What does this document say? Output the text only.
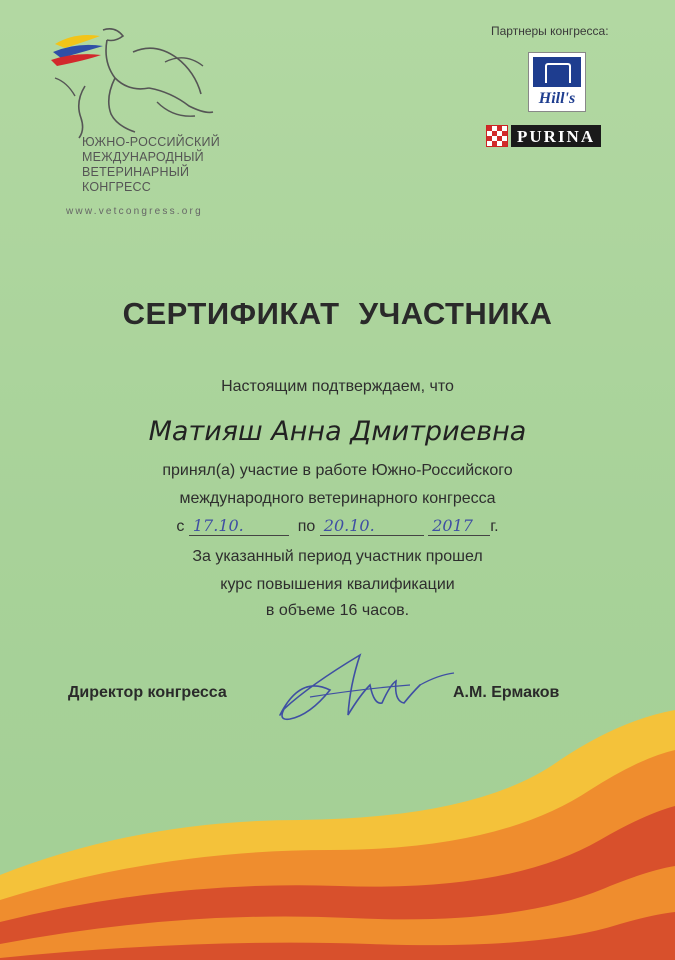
ЮЖНО-РОССИЙСКИЙ
МЕЖДУНАРОДНЫЙ
ВЕТЕРИНАРНЫЙ
КОНГРЕСС
www.vetcongress.org
Партнеры конгресса:
Hill's
PURINA
СЕРТИФИКАТ УЧАСТНИКА
Настоящим подтверждаем, что
Матияш Анна Дмитриевна
принял(а) участие в работе Южно-Российского
международного ветеринарного конгресса
с 17.10.	по 20.10.	2017 г.
За указанный период участник прошел
курс повышения квалификации
в объеме 16 часов.
Директор конгресса	А.М. Ермаков
